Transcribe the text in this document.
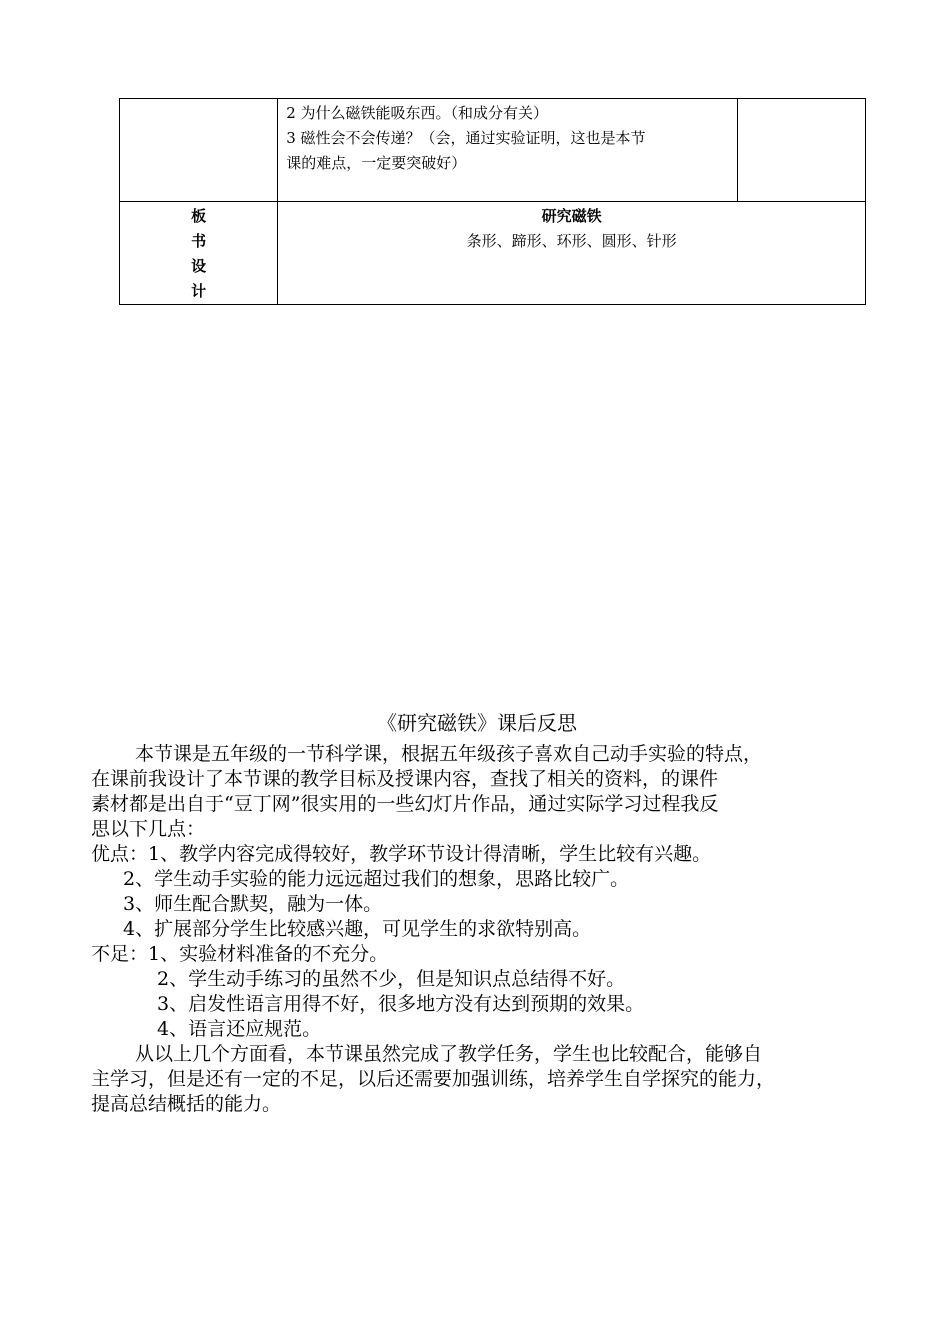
	2 为什么磁铁能吸东西。（和成分有关）
3 磁性会不会传递？（会，通过实验证明，这也是本节
课的难点，一定要突破好）	

板
书
设
计	研究磁铁
条形、蹄形、环形、圆形、针形	
《研究磁铁》课后反思
本节课是五年级的一节科学课，根据五年级孩子喜欢自己动手实验的特点，
在课前我设计了本节课的教学目标及授课内容，查找了相关的资料，的课件
素材都是出自于“豆丁网”很实用的一些幻灯片作品，通过实际学习过程我反
思以下几点：
优点：1、教学内容完成得较好，教学环节设计得清晰，学生比较有兴趣。
2、学生动手实验的能力远远超过我们的想象，思路比较广。
3、师生配合默契，融为一体。
4、扩展部分学生比较感兴趣，可见学生的求欲特别高。
不足：1、实验材料准备的不充分。
2、学生动手练习的虽然不少，但是知识点总结得不好。
3、启发性语言用得不好，很多地方没有达到预期的效果。
4、语言还应规范。
从以上几个方面看，本节课虽然完成了教学任务，学生也比较配合，能够自
主学习，但是还有一定的不足，以后还需要加强训练，培养学生自学探究的能力，
提高总结概括的能力。
